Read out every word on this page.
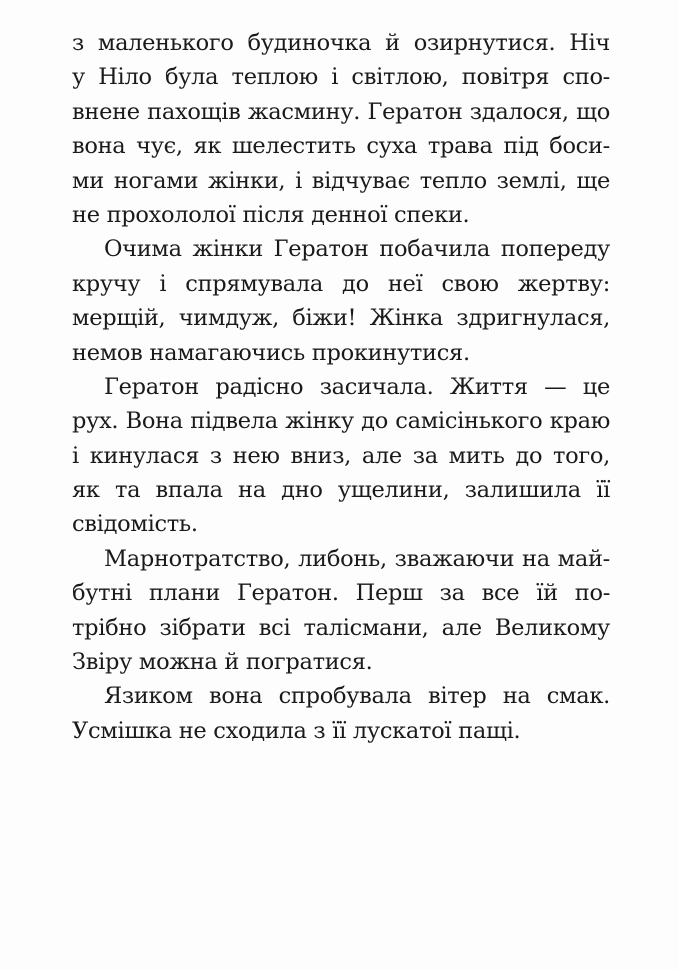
з маленького будиночка й озирнутися. Ніч
у Ніло була теплою і світлою, повітря спо-
внене пахощів жасмину. Гератон здалося, що
вона чує, як шелестить суха трава під боси-
ми ногами жінки, і відчуває тепло землі, ще
не прохололої після денної спеки.
Очима жінки Гератон побачила попереду
кручу і спрямувала до неї свою жертву:
мерщій, чимдуж, біжи! Жінка здригнулася,
немов намагаючись прокинутися.
Гератон радісно засичала. Життя — це
рух. Вона підвела жінку до самісінького краю
і кинулася з нею вниз, але за мить до того,
як та впала на дно ущелини, залишила її
свідомість.
Марнотратство, либонь, зважаючи на май-
бутні плани Гератон. Перш за все їй по-
трібно зібрати всі талісмани, але Великому
Звіру можна й погратися.
Язиком вона спробувала вітер на смак.
Усмішка не сходила з її лускатої пащі.
